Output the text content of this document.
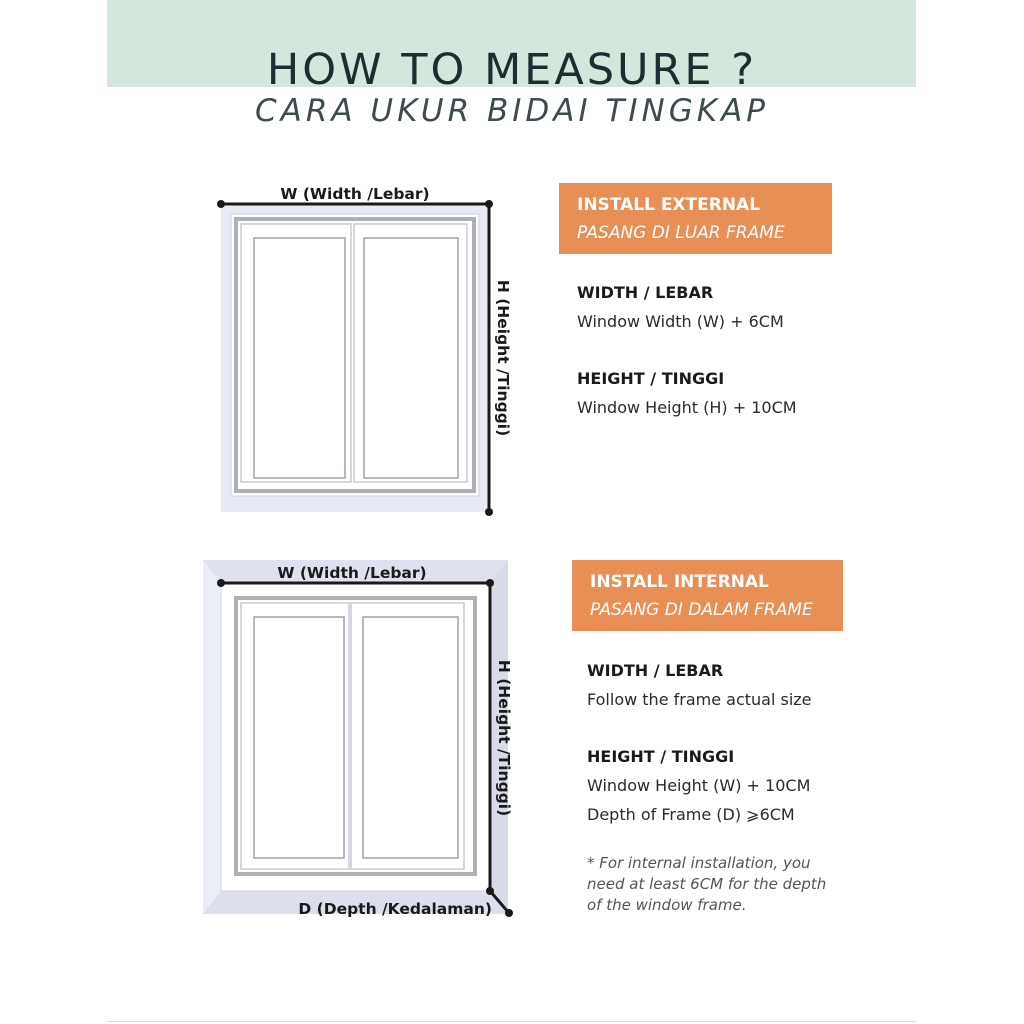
HOW TO MEASURE ?
CARA UKUR BIDAI TINGKAP
W (Width /Lebar)
H (Height /Tinggi)
INSTALL EXTERNAL
PASANG DI LUAR FRAME
WIDTH / LEBAR
Window Width (W) + 6CM
HEIGHT / TINGGI
Window Height (H) + 10CM
W (Width /Lebar)
H (Height /Tinggi)
D (Depth /Kedalaman)
INSTALL INTERNAL
PASANG DI DALAM FRAME
WIDTH / LEBAR
Follow the frame actual size
HEIGHT / TINGGI
Window Height (W) + 10CM
Depth of Frame (D) ⩾6CM
* For internal installation, you need at least 6CM for the depth of the window frame.
